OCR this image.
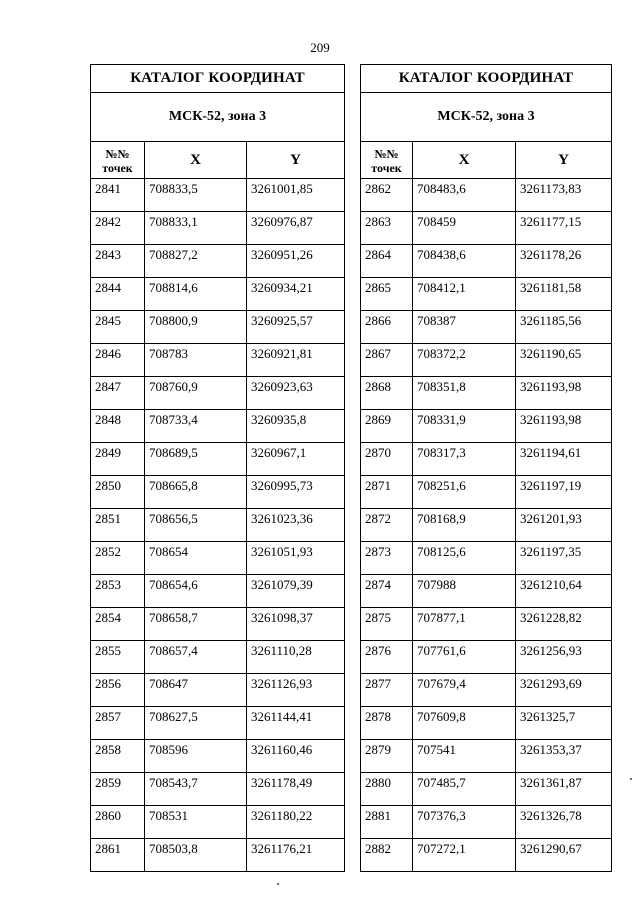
209
КАТАЛОГ КООРДИНАТ		
МСК-52, зона 3		

№№
точек	X	Y
2841	708833,5	3261001,85
2842	708833,1	3260976,87
2843	708827,2	3260951,26
2844	708814,6	3260934,21
2845	708800,9	3260925,57
2846	708783	3260921,81
2847	708760,9	3260923,63
2848	708733,4	3260935,8
2849	708689,5	3260967,1
2850	708665,8	3260995,73
2851	708656,5	3261023,36
2852	708654	3261051,93
2853	708654,6	3261079,39
2854	708658,7	3261098,37
2855	708657,4	3261110,28
2856	708647	3261126,93
2857	708627,5	3261144,41
2858	708596	3261160,46
2859	708543,7	3261178,49
2860	708531	3261180,22
2861	708503,8	3261176,21
КАТАЛОГ КООРДИНАТ		
МСК-52, зона 3		

№№
точек	X	Y
2862	708483,6	3261173,83
2863	708459	3261177,15
2864	708438,6	3261178,26
2865	708412,1	3261181,58
2866	708387	3261185,56
2867	708372,2	3261190,65
2868	708351,8	3261193,98
2869	708331,9	3261193,98
2870	708317,3	3261194,61
2871	708251,6	3261197,19
2872	708168,9	3261201,93
2873	708125,6	3261197,35
2874	707988	3261210,64
2875	707877,1	3261228,82
2876	707761,6	3261256,93
2877	707679,4	3261293,69
2878	707609,8	3261325,7
2879	707541	3261353,37
2880	707485,7	3261361,87
2881	707376,3	3261326,78
2882	707272,1	3261290,67
